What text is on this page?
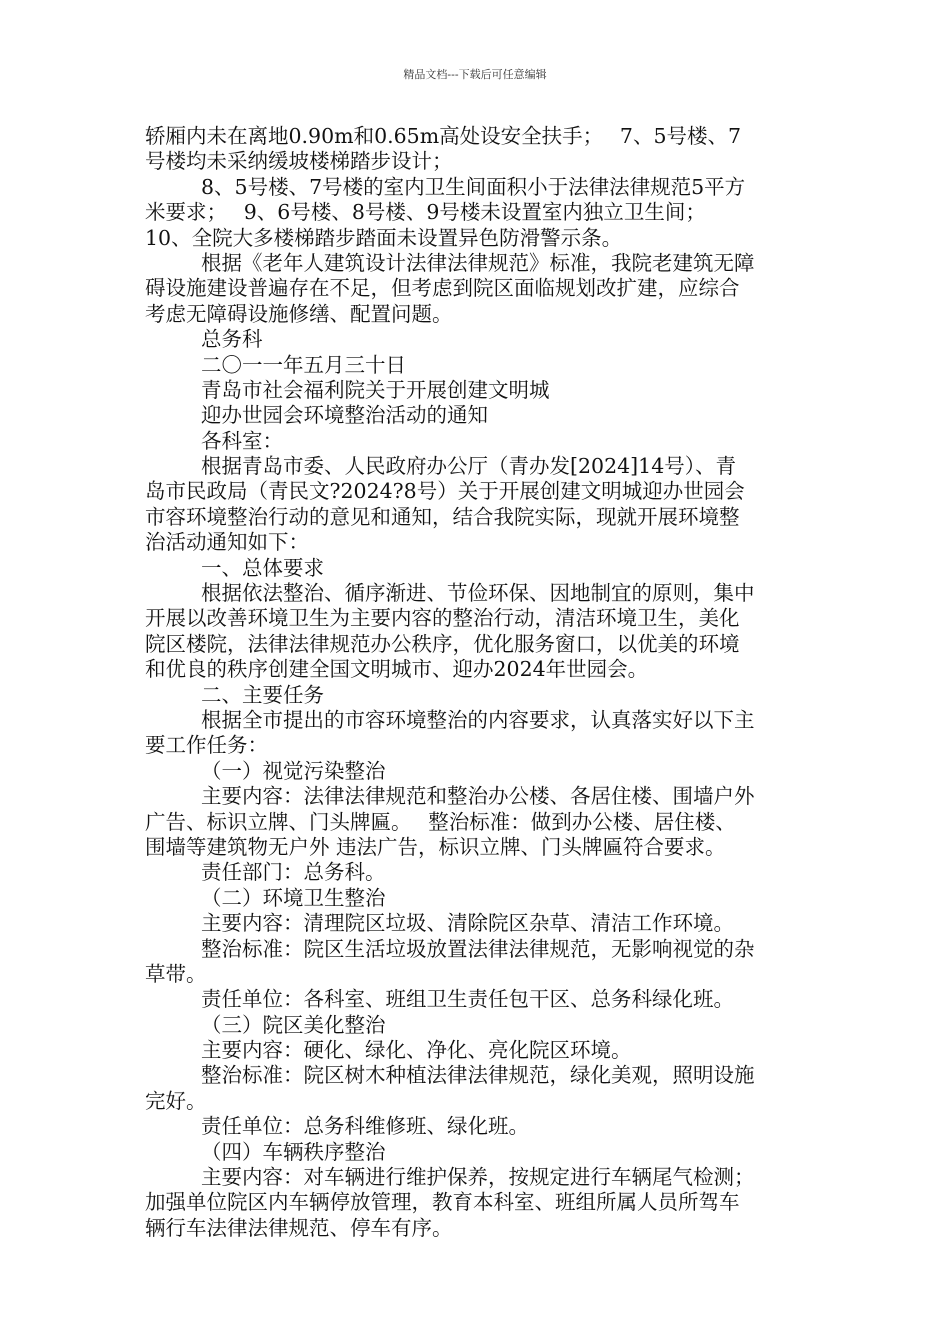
精品文档---下载后可任意编辑
轿厢内未在离地0.90m和0.65m高处设安全扶手；　 7、5号楼、7
号楼均未采纳缓坡楼梯踏步设计；
8、5号楼、7号楼的室内卫生间面积小于法律法律规范5平方
米要求；　 9、6号楼、8号楼、9号楼未设置室内独立卫生间；
10、全院大多楼梯踏步踏面未设置异色防滑警示条。
根据《老年人建筑设计法律法律规范》标准，我院老建筑无障
碍设施建设普遍存在不足，但考虑到院区面临规划改扩建，应综合
考虑无障碍设施修缮、配置问题。
总务科
二〇一一年五月三十日
青岛市社会福利院关于开展创建文明城
迎办世园会环境整治活动的通知
各科室：
根据青岛市委、人民政府办公厅（青办发[2024]14号）、青
岛市民政局（青民文?2024?8号）关于开展创建文明城迎办世园会
市容环境整治行动的意见和通知，结合我院实际，现就开展环境整
治活动通知如下：
一、总体要求
根据依法整治、循序渐进、节俭环保、因地制宜的原则，集中
开展以改善环境卫生为主要内容的整治行动，清洁环境卫生，美化
院区楼院，法律法律规范办公秩序，优化服务窗口，以优美的环境
和优良的秩序创建全国文明城市、迎办2024年世园会。
二、主要任务
根据全市提出的市容环境整治的内容要求，认真落实好以下主
要工作任务：
（一）视觉污染整治
主要内容：法律法律规范和整治办公楼、各居住楼、围墙户外
广告、标识立牌、门头牌匾。　 整治标准：做到办公楼、居住楼、
围墙等建筑物无户外 违法广告，标识立牌、门头牌匾符合要求。
责任部门：总务科。
（二）环境卫生整治
主要内容：清理院区垃圾、清除院区杂草、清洁工作环境。
整治标准：院区生活垃圾放置法律法律规范，无影响视觉的杂
草带。
责任单位：各科室、班组卫生责任包干区、总务科绿化班。
（三）院区美化整治
主要内容：硬化、绿化、净化、亮化院区环境。
整治标准：院区树木种植法律法律规范，绿化美观，照明设施
完好。
责任单位：总务科维修班、绿化班。
（四）车辆秩序整治
主要内容：对车辆进行维护保养，按规定进行车辆尾气检测；
加强单位院区内车辆停放管理，教育本科室、班组所属人员所驾车
辆行车法律法律规范、停车有序。
